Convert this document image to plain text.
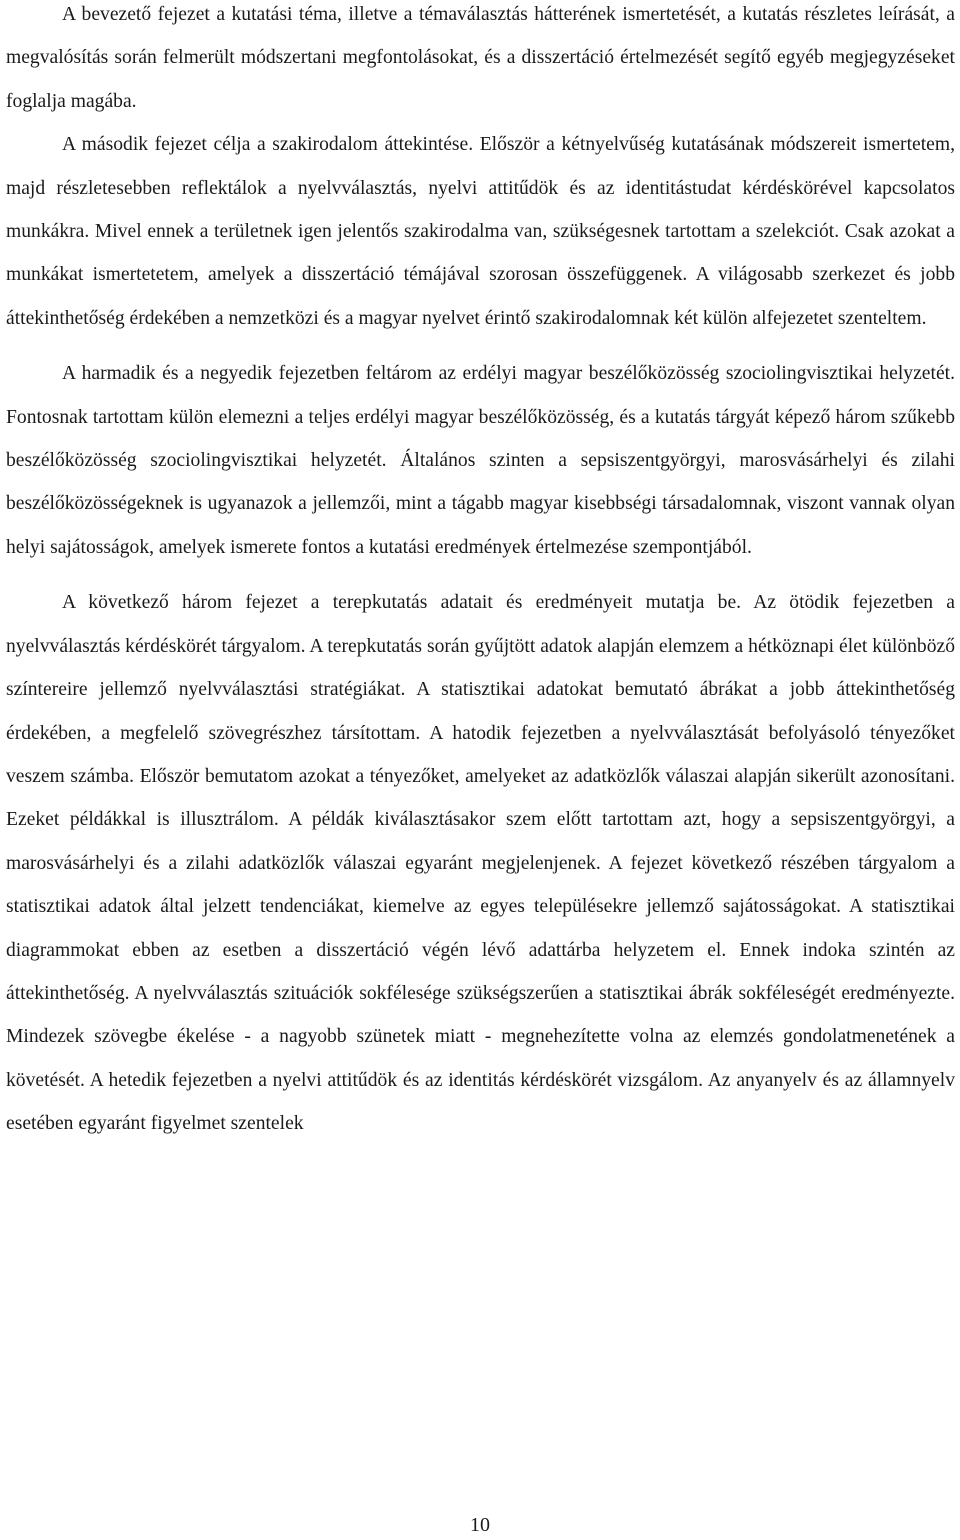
A bevezető fejezet a kutatási téma, illetve a témaválasztás hátterének ismertetését, a kutatás részletes leírását, a megvalósítás során felmerült módszertani megfontolásokat, és a disszertáció értelmezését segítő egyéb megjegyzéseket foglalja magába.

A második fejezet célja a szakirodalom áttekintése. Először a kétnyelvűség kutatásának módszereit ismertetem, majd részletesebben reflektálok a nyelvválasztás, nyelvi attitűdök és az identitástudat kérdéskörével kapcsolatos munkákra. Mivel ennek a területnek igen jelentős szakirodalma van, szükségesnek tartottam a szelekciót. Csak azokat a munkákat ismertetetem, amelyek a disszertáció témájával szorosan összefüggenek. A világosabb szerkezet és jobb áttekinthetőség érdekében a nemzetközi és a magyar nyelvet érintő szakirodalomnak két külön alfejezetet szenteltem.

A harmadik és a negyedik fejezetben feltárom az erdélyi magyar beszélőközösség szociolingvisztikai helyzetét. Fontosnak tartottam külön elemezni a teljes erdélyi magyar beszélőközösség, és a kutatás tárgyát képező három szűkebb beszélőközösség szociolingvisztikai helyzetét. Általános szinten a sepsiszentgyörgyi, marosvásárhelyi és zilahi beszélőközösségeknek is ugyanazok a jellemzői, mint a tágabb magyar kisebbségi társadalomnak, viszont vannak olyan helyi sajátosságok, amelyek ismerete fontos a kutatási eredmények értelmezése szempontjából.

A következő három fejezet a terepkutatás adatait és eredményeit mutatja be. Az ötödik fejezetben a nyelvválasztás kérdéskörét tárgyalom. A terepkutatás során gyűjtött adatok alapján elemzem a hétköznapi élet különböző színtereire jellemző nyelvválasztási stratégiákat. A statisztikai adatokat bemutató ábrákat a jobb áttekinthetőség érdekében, a megfelelő szövegrészhez társítottam. A hatodik fejezetben a nyelvválasztását befolyásoló tényezőket veszem számba. Először bemutatom azokat a tényezőket, amelyeket az adatközlők válaszai alapján sikerült azonosítani. Ezeket példákkal is illusztrálom. A példák kiválasztásakor szem előtt tartottam azt, hogy a sepsiszentgyörgyi, a marosvásárhelyi és a zilahi adatközlők válaszai egyaránt megjelenjenek. A fejezet következő részében tárgyalom a statisztikai adatok által jelzett tendenciákat, kiemelve az egyes településekre jellemző sajátosságokat. A statisztikai diagrammokat ebben az esetben a disszertáció végén lévő adattárba helyzetem el. Ennek indoka szintén az áttekinthetőség. A nyelvválasztás szituációk sokfélesége szükségszerűen a statisztikai ábrák sokféleségét eredményezte. Mindezek szövegbe ékelése - a nagyobb szünetek miatt - megnehezítette volna az elemzés gondolatmenetének a követését. A hetedik fejezetben a nyelvi attitűdök és az identitás kérdéskörét vizsgálom. Az anyanyelv és az államnyelv esetében egyaránt figyelmet szentelek

10
